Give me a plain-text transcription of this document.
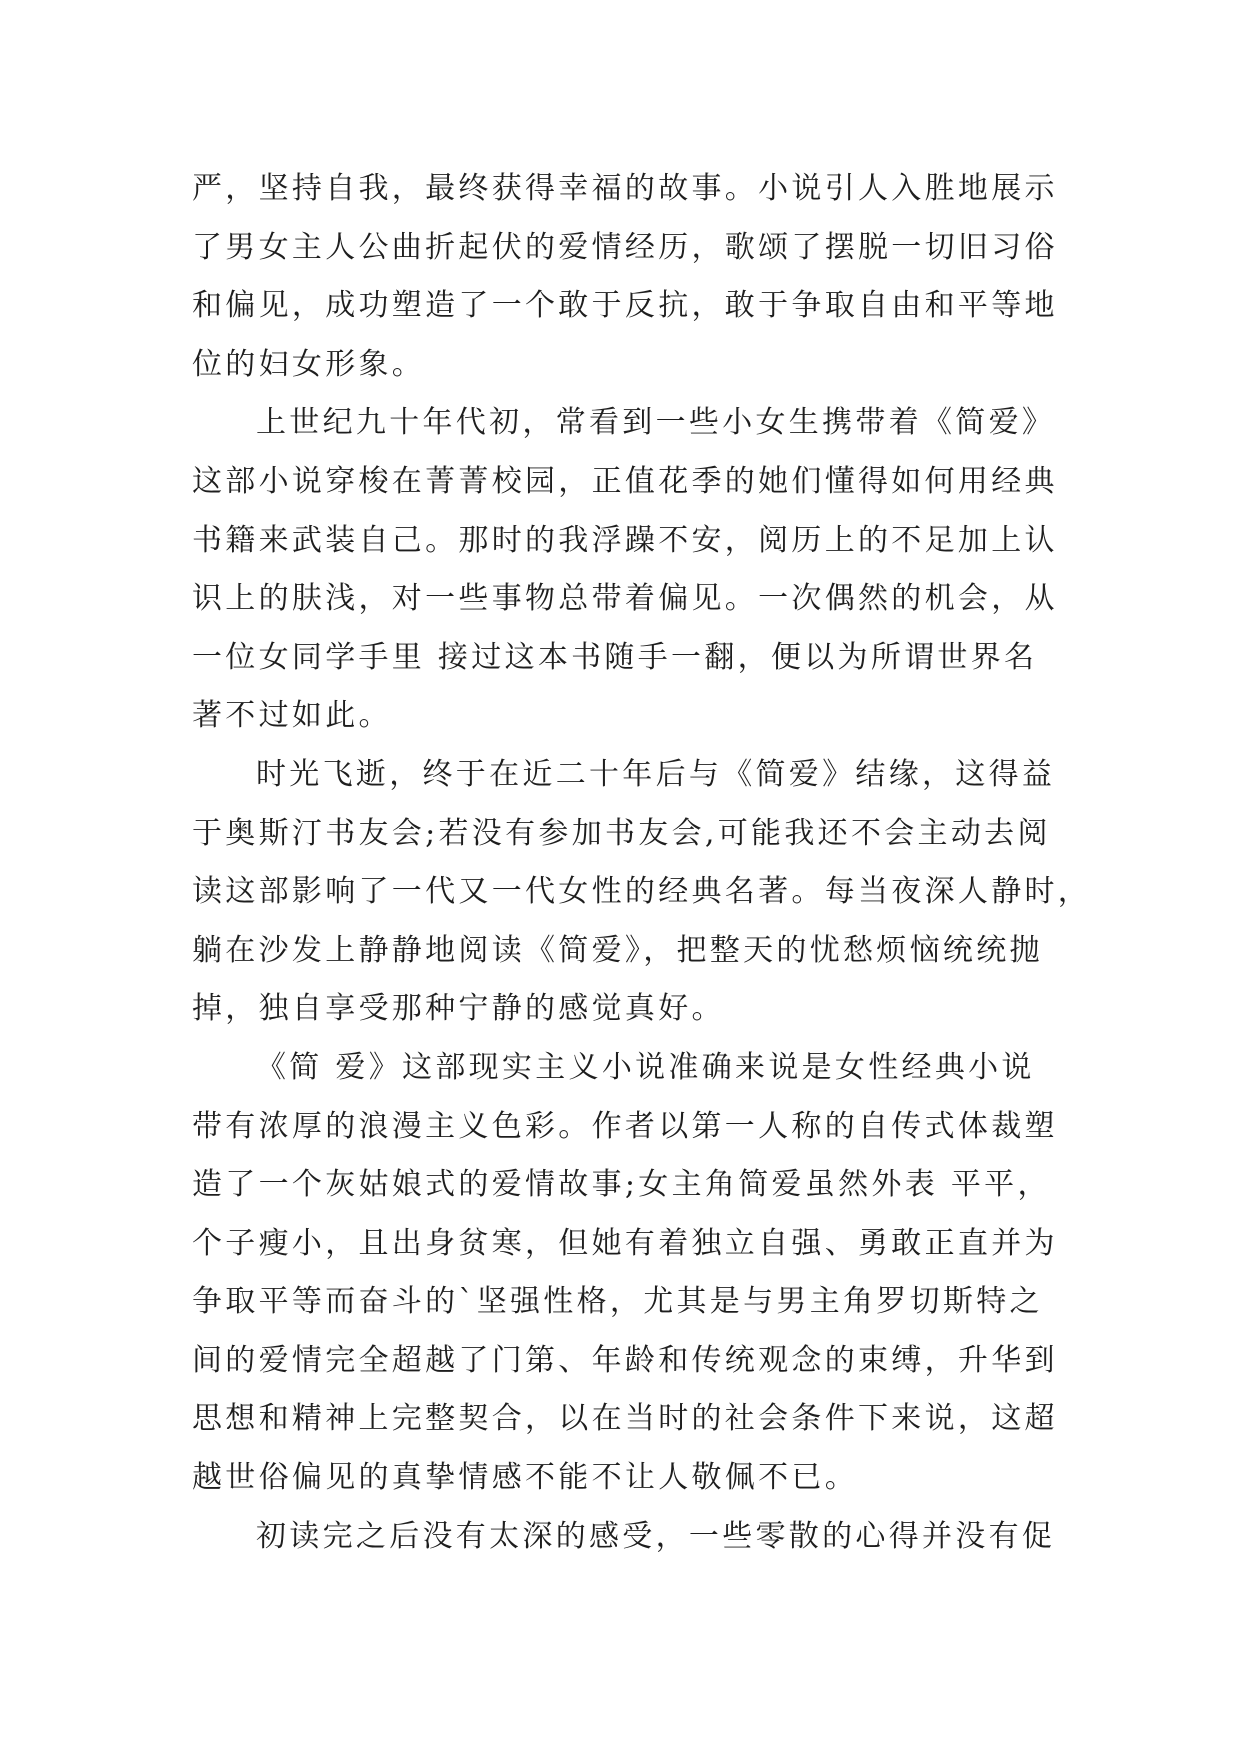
严，坚持自我，最终获得幸福的故事。小说引人入胜地展示
了男女主人公曲折起伏的爱情经历，歌颂了摆脱一切旧习俗
和偏见，成功塑造了一个敢于反抗，敢于争取自由和平等地
位的妇女形象。
上世纪九十年代初，常看到一些小女生携带着《简爱》
这部小说穿梭在菁菁校园，正值花季的她们懂得如何用经典
书籍来武装自己。那时的我浮躁不安，阅历上的不足加上认
识上的肤浅，对一些事物总带着偏见。一次偶然的机会，从
一位女同学手里 接过这本书随手一翻，便以为所谓世界名
著不过如此。
时光飞逝，终于在近二十年后与《简爱》结缘，这得益
于奥斯汀书友会;若没有参加书友会,可能我还不会主动去阅
读这部影响了一代又一代女性的经典名著。每当夜深人静时，
躺在沙发上静静地阅读《简爱》，把整天的忧愁烦恼统统抛
掉，独自享受那种宁静的感觉真好。
《简 爱》这部现实主义小说准确来说是女性经典小说
带有浓厚的浪漫主义色彩。作者以第一人称的自传式体裁塑
造了一个灰姑娘式的爱情故事;女主角简爱虽然外表 平平，
个子瘦小，且出身贫寒，但她有着独立自强、勇敢正直并为
争取平等而奋斗的`坚强性格，尤其是与男主角罗切斯特之
间的爱情完全超越了门第、年龄和传统观念的束缚，升华到
思想和精神上完整契合，以在当时的社会条件下来说，这超
越世俗偏见的真挚情感不能不让人敬佩不已。
初读完之后没有太深的感受，一些零散的心得并没有促
